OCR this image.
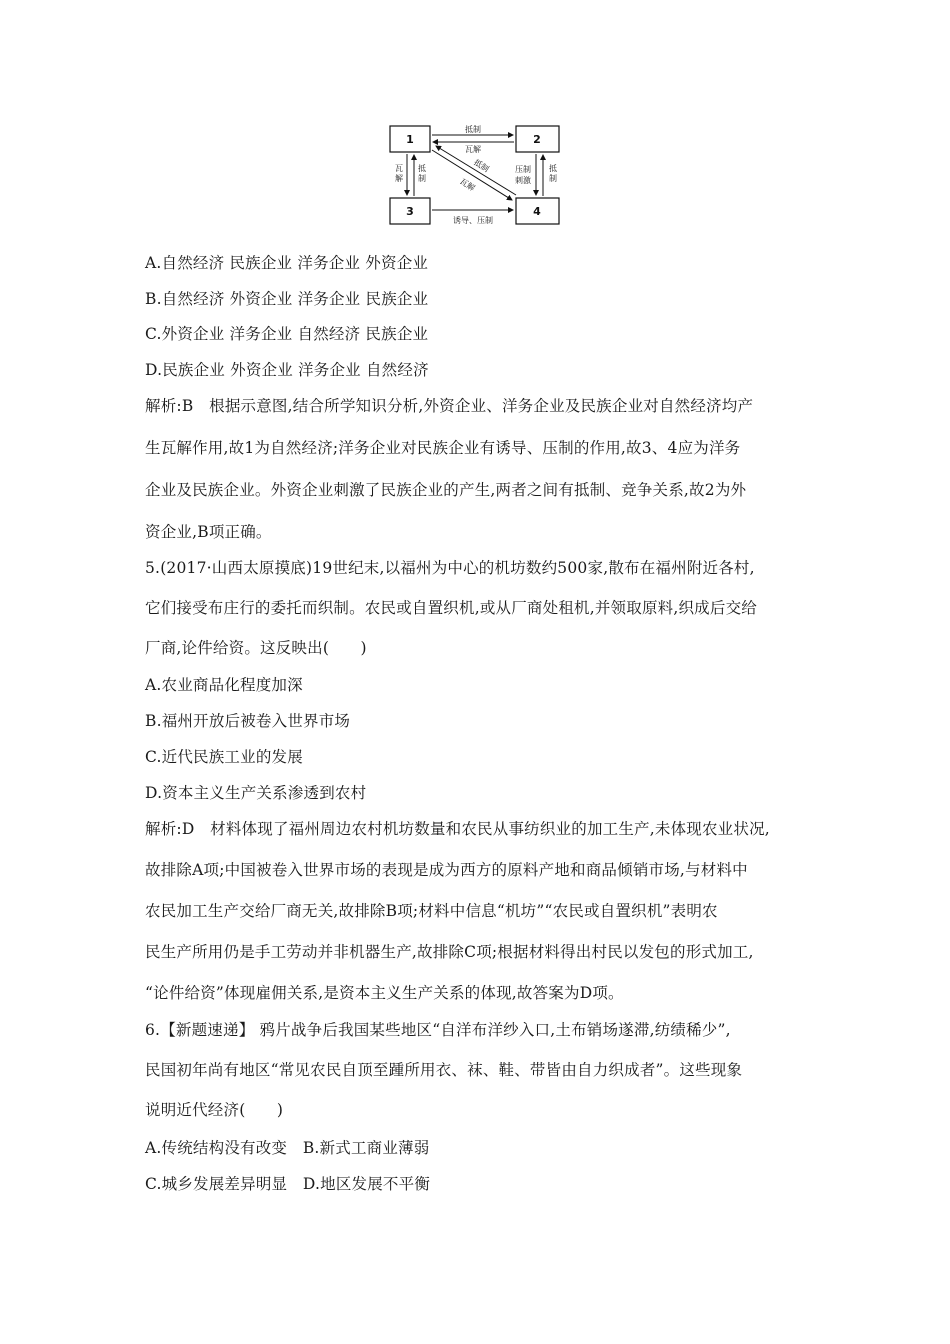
1	2
3	4
抵制
瓦解
瓦
解
抵
制
压制
刺激
抵
制
抵制
瓦解
诱导、压制
A.自然经济 民族企业 洋务企业 外资企业
B.自然经济 外资企业 洋务企业 民族企业
C.外资企业 洋务企业 自然经济 民族企业
D.民族企业 外资企业 洋务企业 自然经济
解析:B　根据示意图,结合所学知识分析,外资企业、洋务企业及民族企业对自然经济均产
生瓦解作用,故1为自然经济;洋务企业对民族企业有诱导、压制的作用,故3、4应为洋务
企业及民族企业。外资企业刺激了民族企业的产生,两者之间有抵制、竞争关系,故2为外
资企业,B项正确。
5.(2017·山西太原摸底)19世纪末,以福州为中心的机坊数约500家,散布在福州附近各村,
它们接受布庄行的委托而织制。农民或自置织机,或从厂商处租机,并领取原料,织成后交给
厂商,论件给资。这反映出(　　)
A.农业商品化程度加深
B.福州开放后被卷入世界市场
C.近代民族工业的发展
D.资本主义生产关系渗透到农村
解析:D　材料体现了福州周边农村机坊数量和农民从事纺织业的加工生产,未体现农业状况,
故排除A项;中国被卷入世界市场的表现是成为西方的原料产地和商品倾销市场,与材料中
农民加工生产交给厂商无关,故排除B项;材料中信息“机坊”“农民或自置织机”表明农
民生产所用仍是手工劳动并非机器生产,故排除C项;根据材料得出村民以发包的形式加工,
“论件给资”体现雇佣关系,是资本主义生产关系的体现,故答案为D项。
6.【新题速递】 鸦片战争后我国某些地区“自洋布洋纱入口,土布销场遂滞,纺绩稀少”,
民国初年尚有地区“常见农民自顶至踵所用衣、袜、鞋、带皆由自力织成者”。这些现象
说明近代经济(　　)
A.传统结构没有改变　B.新式工商业薄弱
C.城乡发展差异明显　D.地区发展不平衡
